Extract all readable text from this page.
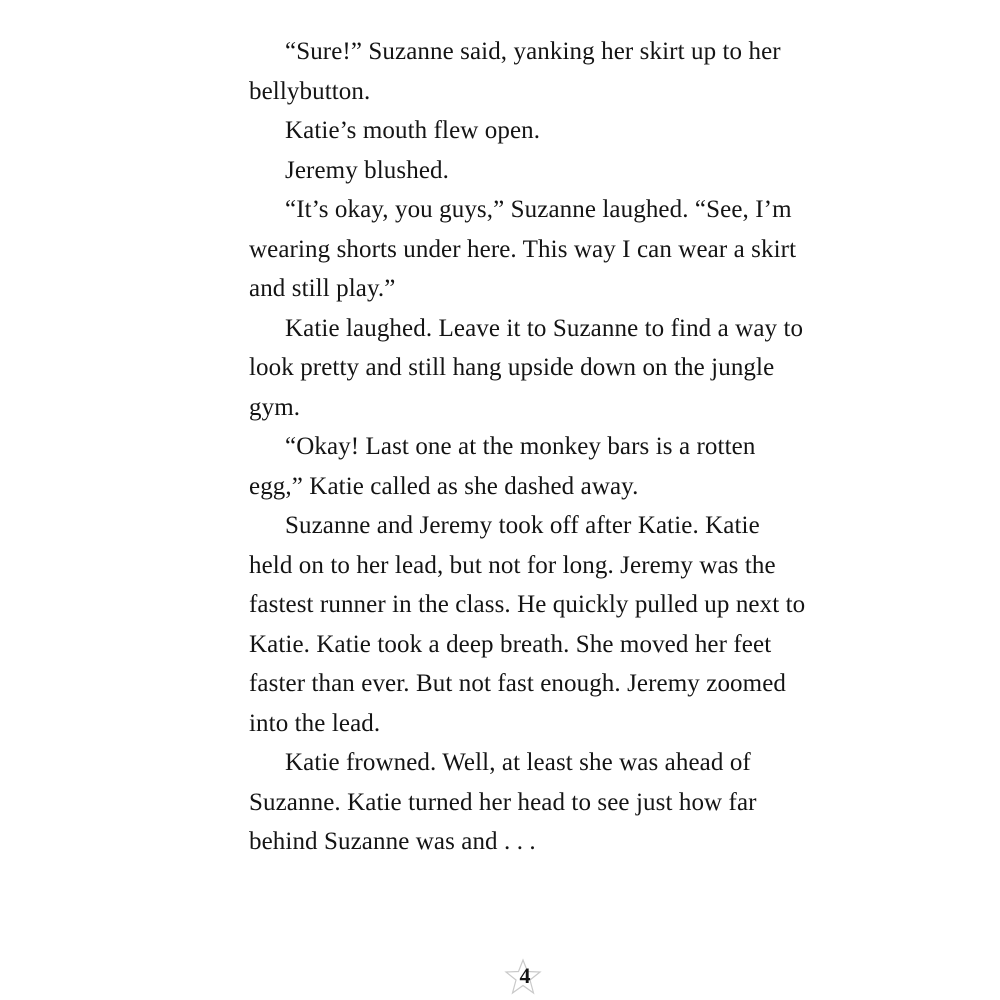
“Sure!” Suzanne said, yanking her skirt up to her bellybutton.

Katie’s mouth flew open.

Jeremy blushed.

“It’s okay, you guys,” Suzanne laughed. “See, I’m wearing shorts under here. This way I can wear a skirt and still play.”

Katie laughed. Leave it to Suzanne to find a way to look pretty and still hang upside down on the jungle gym.

“Okay! Last one at the monkey bars is a rotten egg,” Katie called as she dashed away.

Suzanne and Jeremy took off after Katie. Katie held on to her lead, but not for long. Jeremy was the fastest runner in the class. He quickly pulled up next to Katie. Katie took a deep breath. She moved her feet faster than ever. But not fast enough. Jeremy zoomed into the lead.

Katie frowned. Well, at least she was ahead of Suzanne. Katie turned her head to see just how far behind Suzanne was and . . .

4
